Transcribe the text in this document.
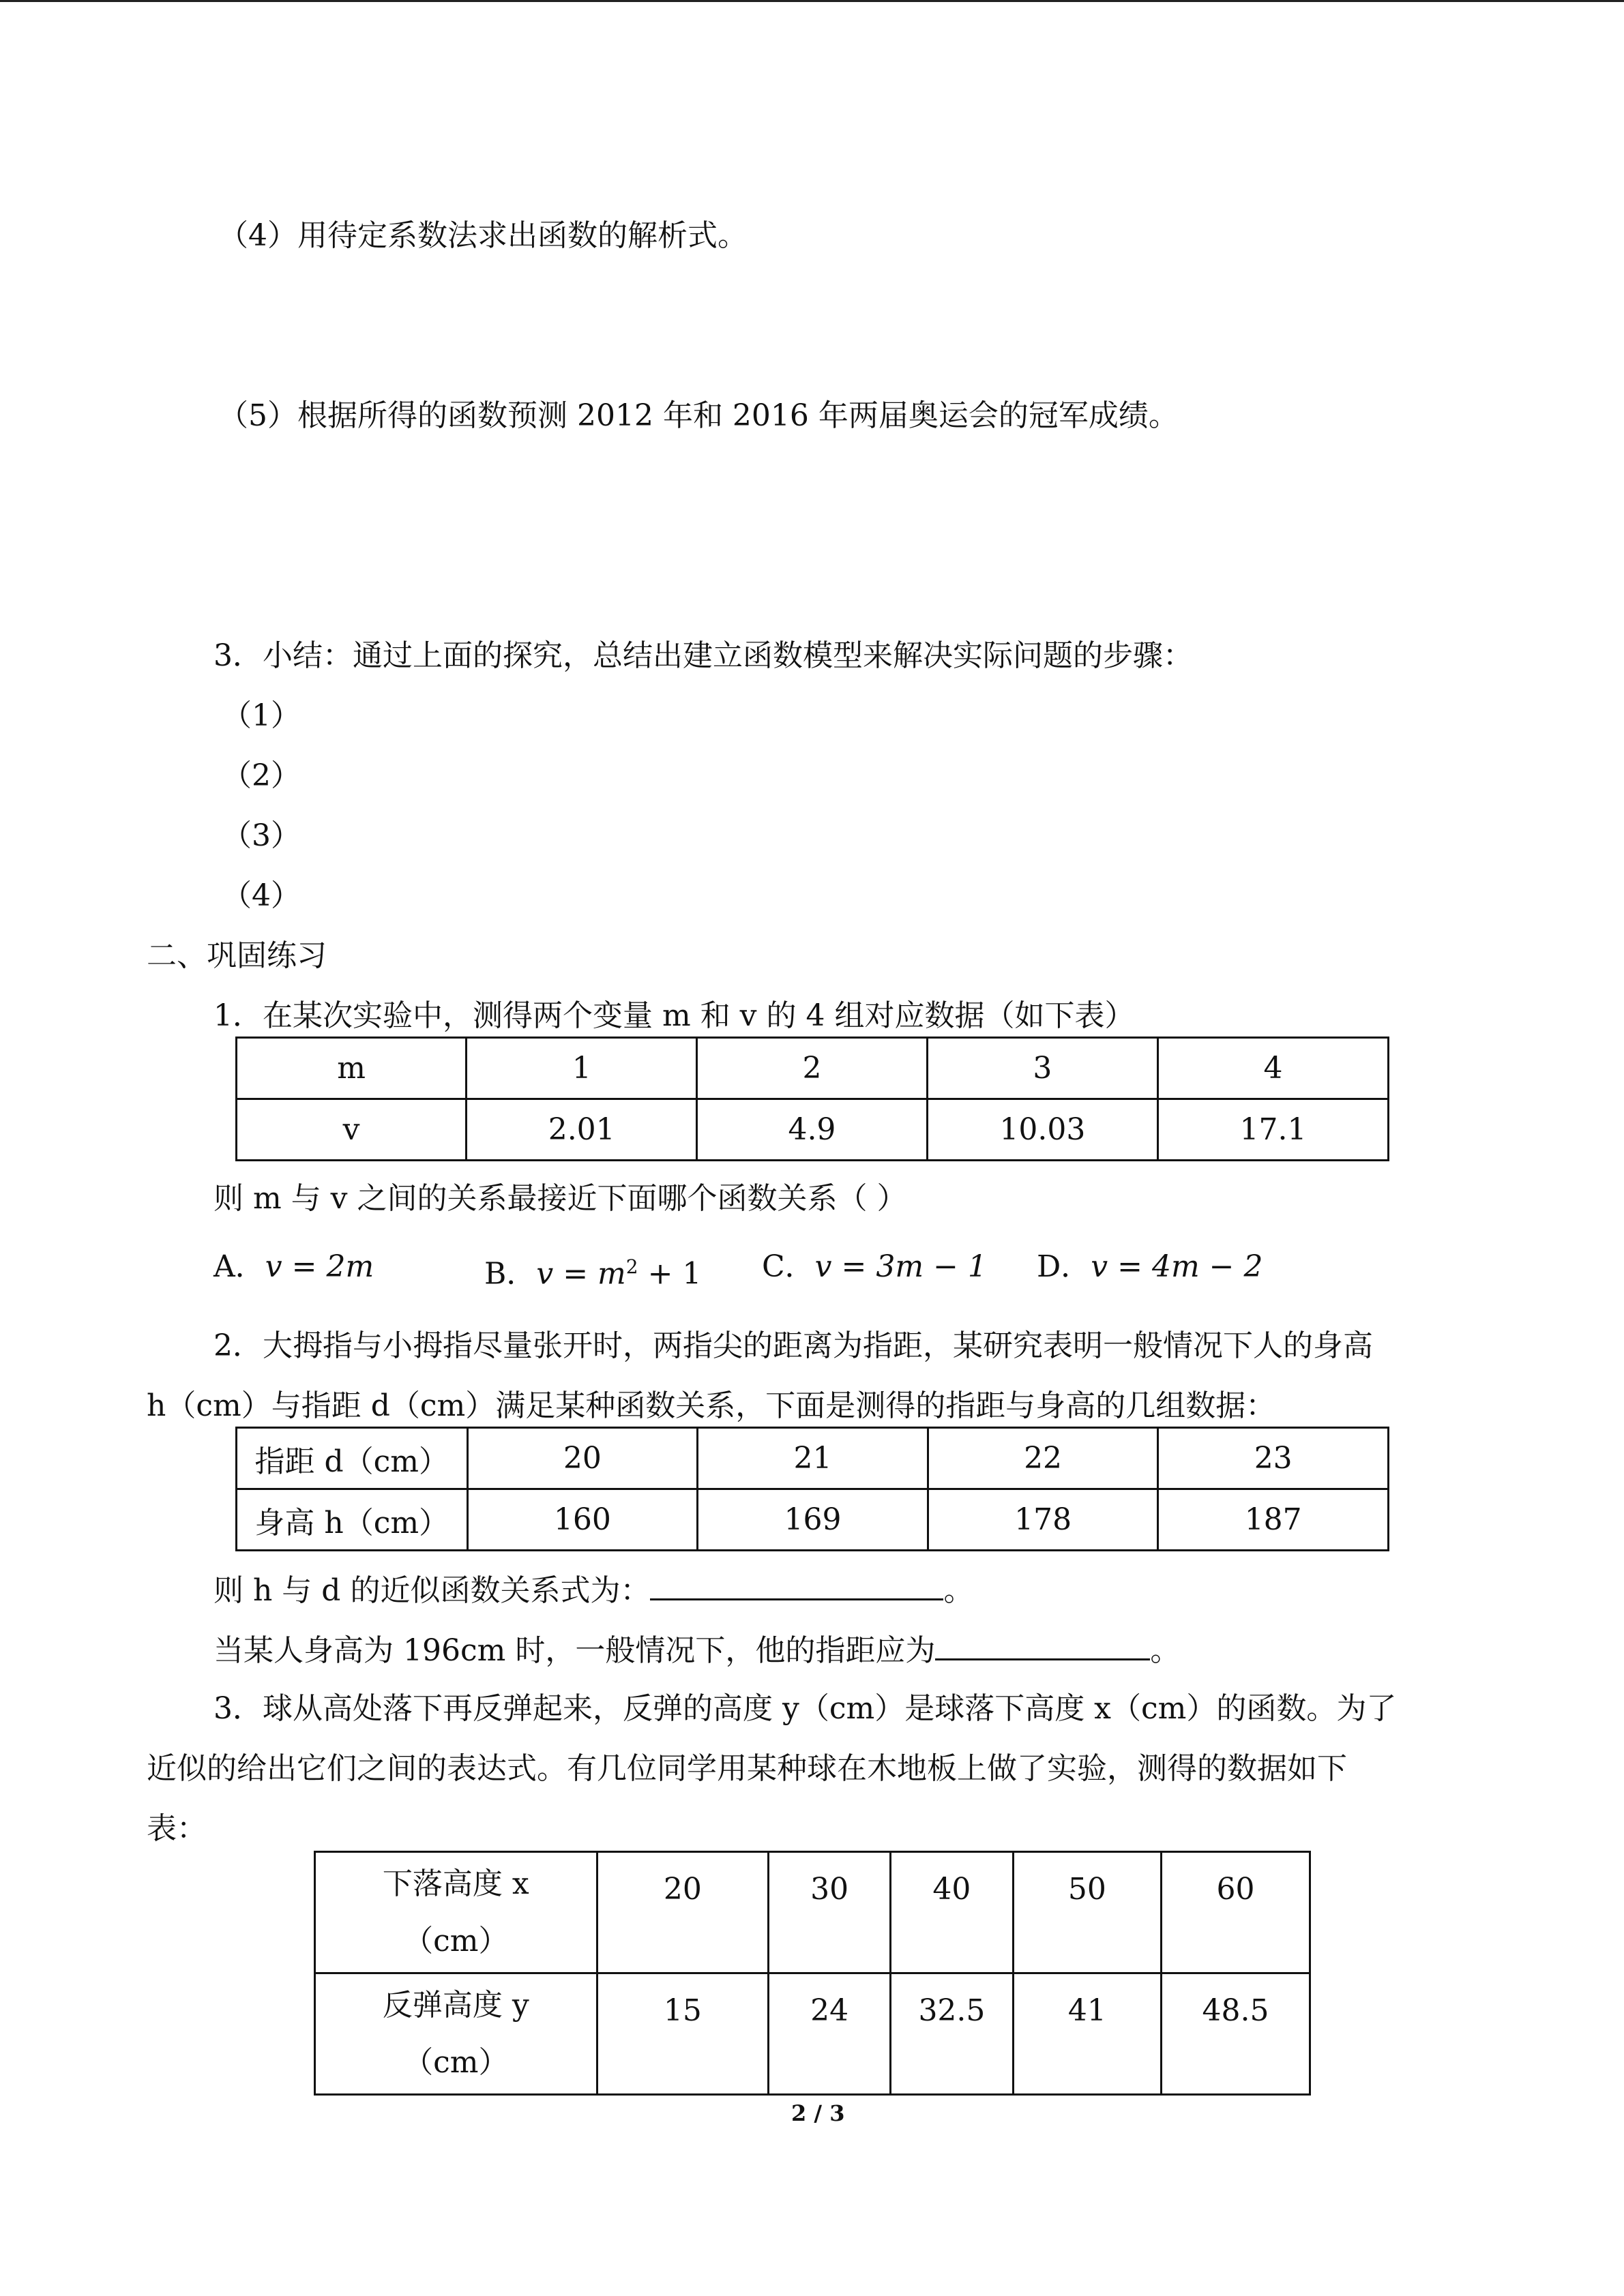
（4）用待定系数法求出函数的解析式。
（5）根据所得的函数预测 2012 年和 2016 年两届奥运会的冠军成绩。
3．小结：通过上面的探究，总结出建立函数模型来解决实际问题的步骤：
（1）
（2）
（3）
（4）
二、巩固练习
1．在某次实验中，测得两个变量 m 和 v 的 4 组对应数据（如下表）
m	1	2	3	4
v	2.01	4.9	10.03	17.1
则 m 与 v 之间的关系最接近下面哪个函数关系（ ）
A．v = 2m	B．$v = m^2 + 1$ C．v = 3m − 1 D．v = 4m − 2
2．大拇指与小拇指尽量张开时，两指尖的距离为指距，某研究表明一般情况下人的身高
h（cm）与指距 d（cm）满足某种函数关系，下面是测得的指距与身高的几组数据：
指距 d（cm）	20	21	22	23
身高 h（cm）	160	169	178	187
则 h 与 d 的近似函数关系式为：	。
当某人身高为 196cm 时，一般情况下，他的指距应为	。
3．球从高处落下再反弹起来，反弹的高度 y（cm）是球落下高度 x（cm）的函数。为了
近似的给出它们之间的表达式。有几位同学用某种球在木地板上做了实验，测得的数据如下
表：
下落高度 x
（cm）	20	30	40	50	60

反弹高度 y
（cm）	15	24	32.5	41	48.5
2 / 3
